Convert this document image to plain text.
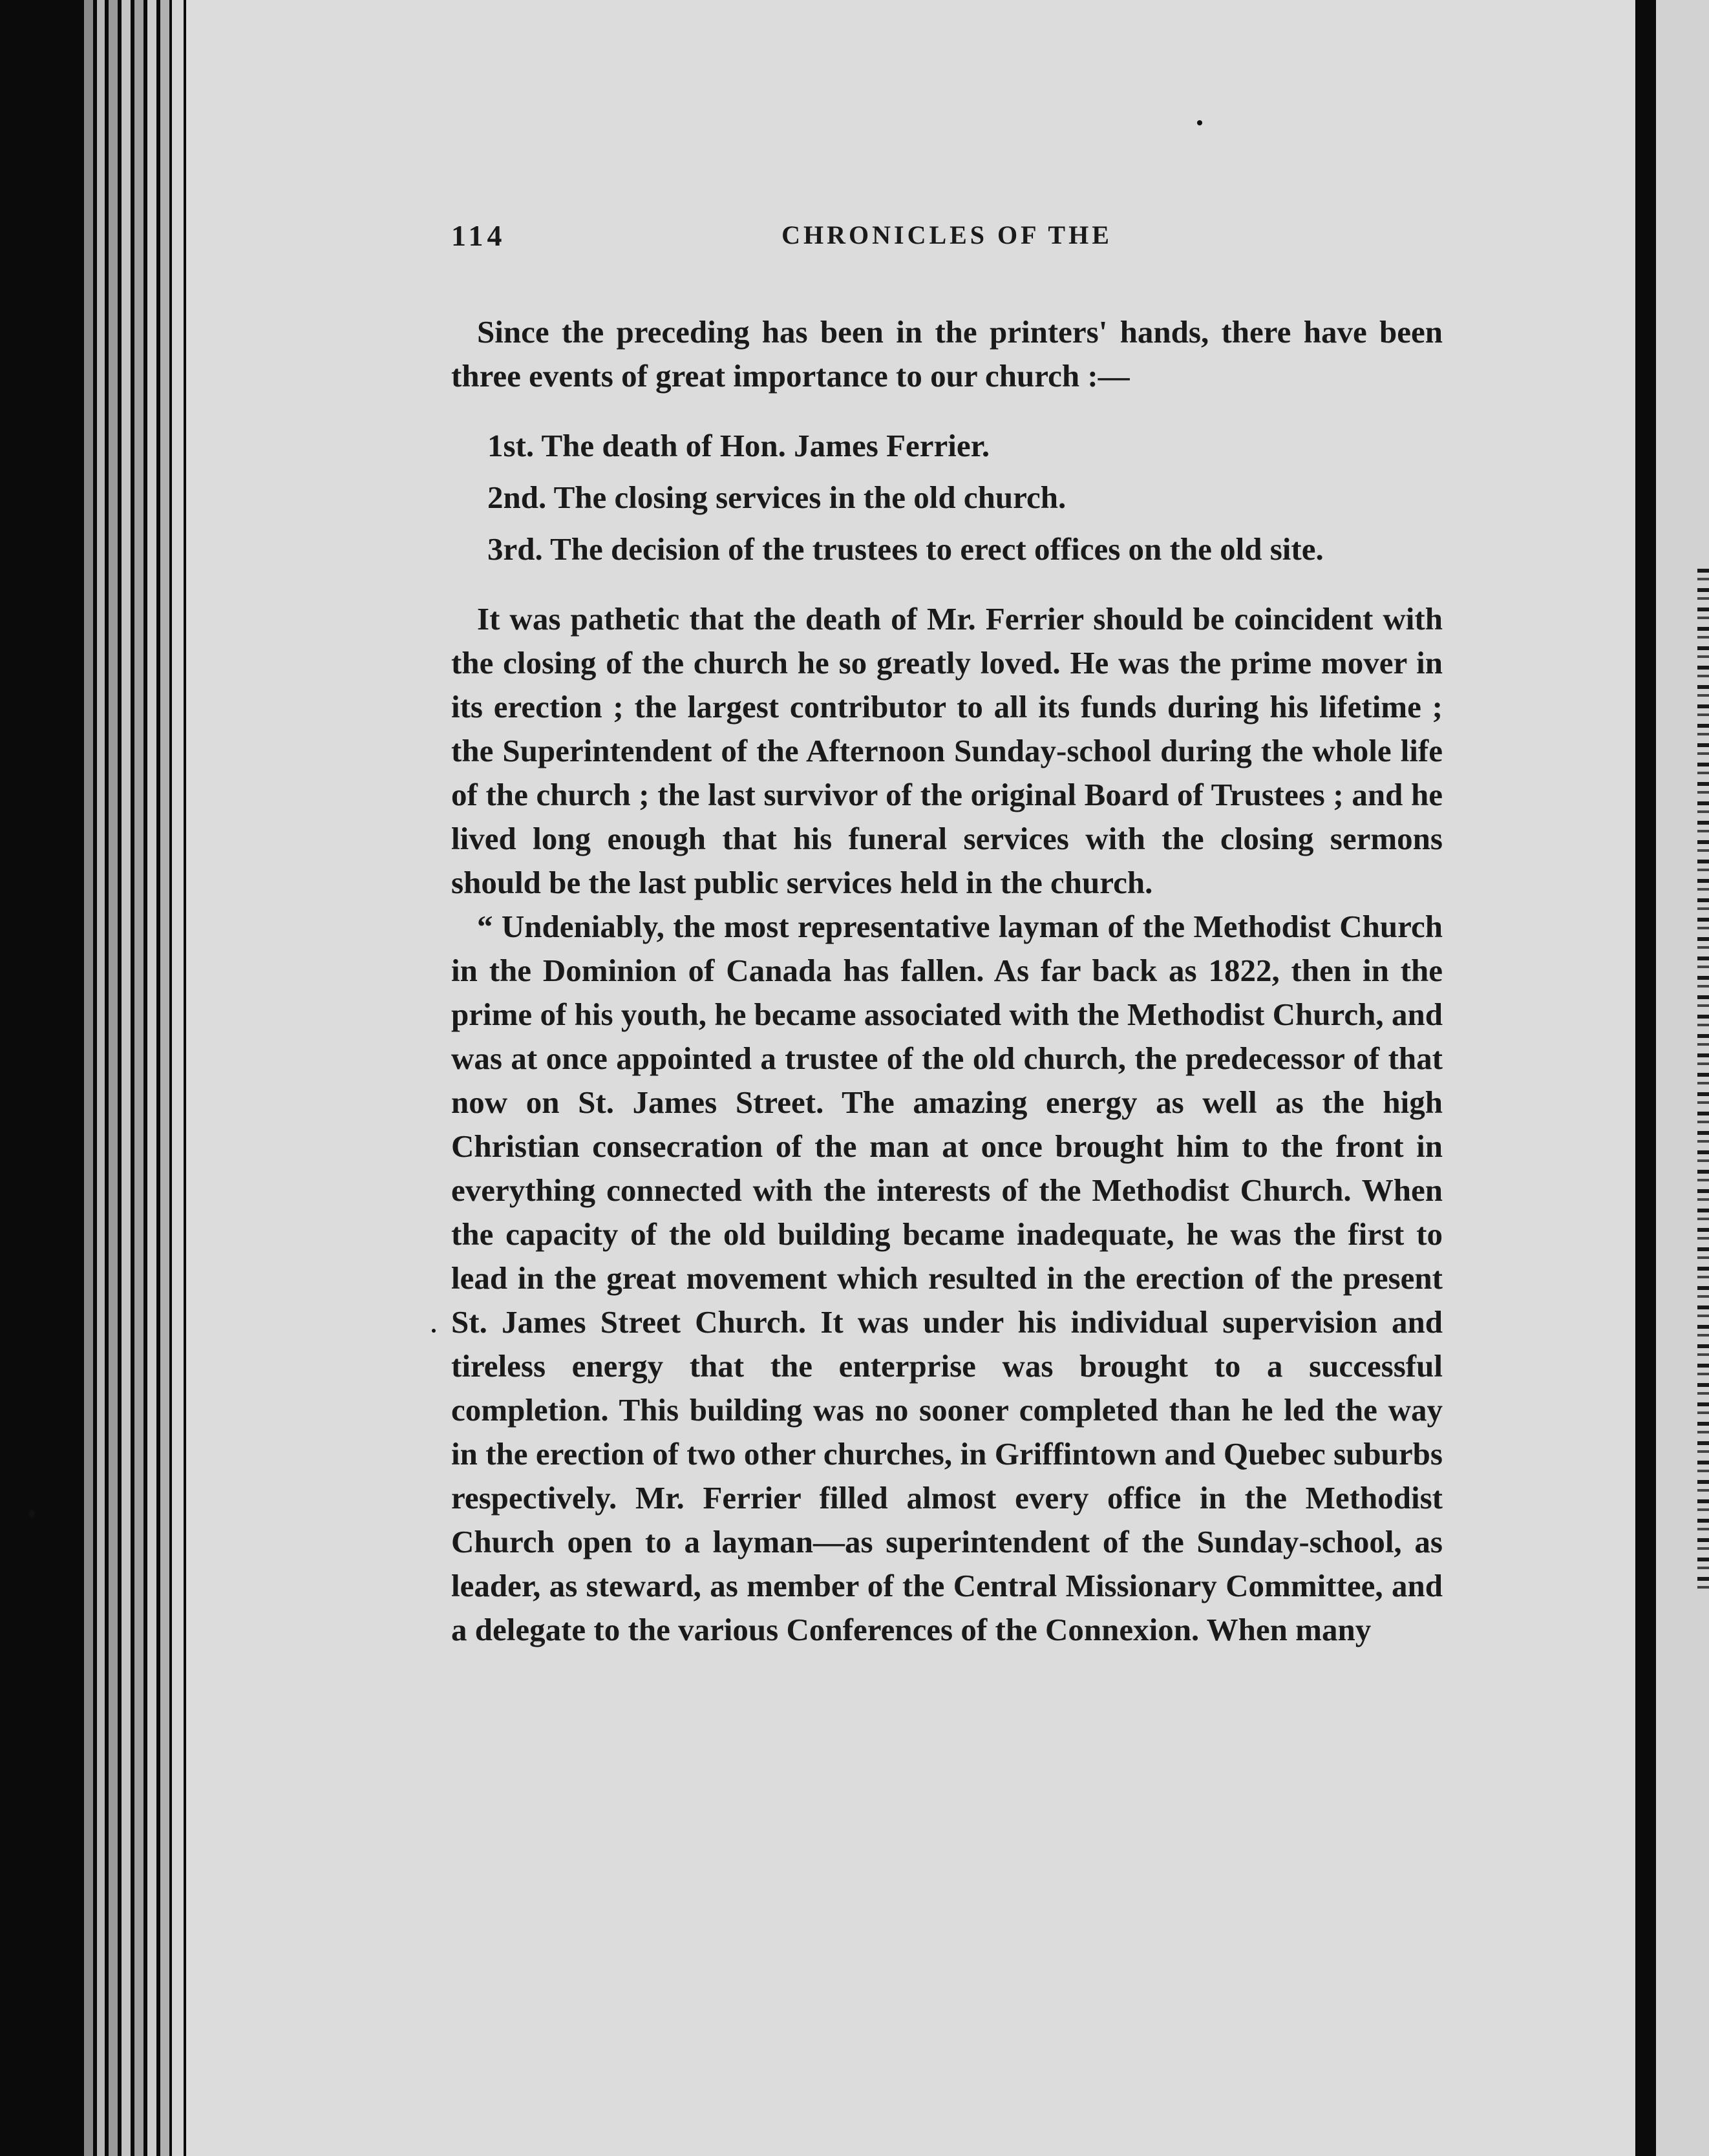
114	CHRONICLES OF THE

Since the preceding has been in the printers' hands, there have been three events of great importance to our church :—

1st. The death of Hon. James Ferrier.

2nd. The closing services in the old church.

3rd. The decision of the trustees to erect offices on the old site.

It was pathetic that the death of Mr. Ferrier should be coincident with the closing of the church he so greatly loved. He was the prime mover in its erection ; the largest contributor to all its funds during his lifetime ; the Superintendent of the Afternoon Sunday-school during the whole life of the church ; the last survivor of the original Board of Trustees ; and he lived long enough that his funeral services with the closing sermons should be the last public services held in the church.

“ Undeniably, the most representative layman of the Methodist Church in the Dominion of Canada has fallen. As far back as 1822, then in the prime of his youth, he became associated with the Methodist Church, and was at once appointed a trustee of the old church, the predecessor of that now on St. James Street. The amazing energy as well as the high Christian consecration of the man at once brought him to the front in everything connected with the interests of the Methodist Church. When the capacity of the old building became inadequate, he was the first to lead in the great movement which resulted in the erection of the present St. James Street Church. It was under his individual supervision and tireless energy that the enterprise was brought to a successful completion. This building was no sooner completed than he led the way in the erection of two other churches, in Griffintown and Quebec suburbs respectively. Mr. Ferrier filled almost every office in the Methodist Church open to a layman—as superintendent of the Sunday-school, as leader, as steward, as member of the Central Missionary Committee, and a delegate to the various Conferences of the Connexion. When many
